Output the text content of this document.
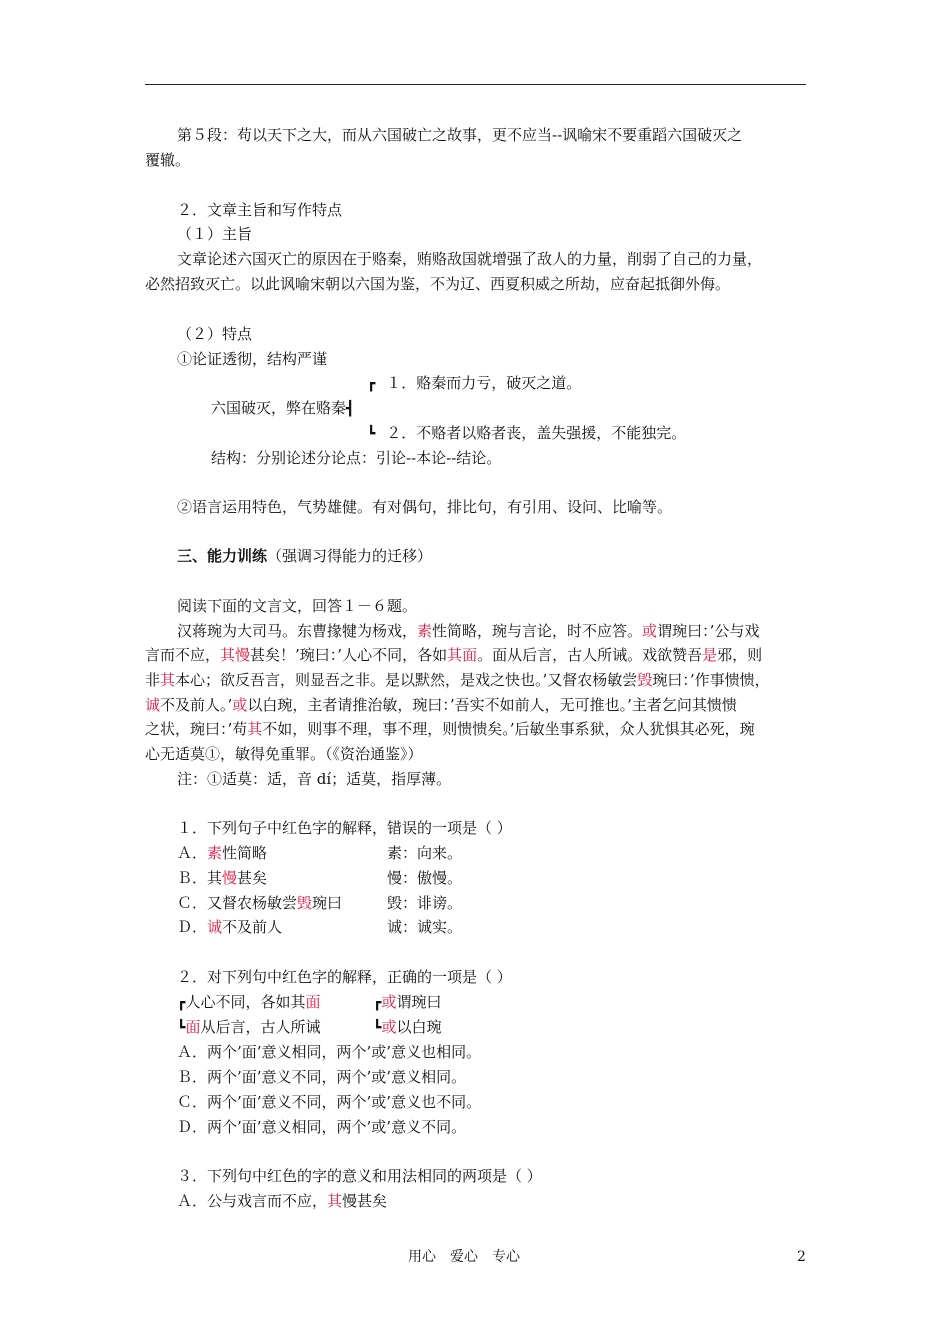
第５段：苟以天下之大，而从六国破亡之故事，更不应当--讽喻宋不要重蹈六国破灭之
覆辙。
２．文章主旨和写作特点
（１）主旨
文章论述六国灭亡的原因在于赂秦，贿赂敌国就增强了敌人的力量，削弱了自己的力量，
必然招致灭亡。以此讽喻宋朝以六国为鉴，不为辽、西夏积威之所劫，应奋起抵御外侮。
（２）特点
①论证透彻，结构严谨
┏ １．赂秦而力亏，破灭之道。
六国破灭，弊在赂秦┫
┗ ２．不赂者以赂者丧，盖失强援，不能独完。
结构：分别论述分论点：引论--本论--结论。
②语言运用特色，气势雄健。有对偶句，排比句，有引用、设问、比喻等。
三、能力训练（强调习得能力的迁移）
阅读下面的文言文，回答１－６题。
汉蒋琬为大司马。东曹掾犍为杨戏，素性简略，琬与言论，时不应答。或谓琬曰：’公与戏
言而不应，其慢甚矣！’琬曰：’人心不同，各如其面。面从后言，古人所诫。戏欲赞吾是邪，则
非其本心；欲反吾言，则显吾之非。是以默然，是戏之快也。’又督农杨敏尝毁琬曰：’作事愦愦，
诚不及前人。’或以白琬，主者请推治敏，琬曰：’吾实不如前人，无可推也。’主者乞问其愦愦
之状，琬曰：’苟其不如，则事不理，事不理，则愦愦矣。’后敏坐事系狱，众人犹惧其必死，琬
心无适莫①，敏得免重罪。（《资治通鉴》）
注：①适莫：适，音 dí；适莫，指厚薄。
１．下列句子中红色字的解释，错误的一项是（ ）
Ａ．素性简略	素：向来。
Ｂ．其慢甚矣	慢：傲慢。
Ｃ．又督农杨敏尝毁琬曰	毁：诽谤。
Ｄ．诚不及前人	诚：诚实。
２．对下列句中红色字的解释，正确的一项是（ ）
┏人心不同，各如其面	┏或谓琬曰
┗面从后言，古人所诫	┗或以白琬
Ａ．两个’面’意义相同，两个’或’意义也相同。
Ｂ．两个’面’意义不同，两个’或’意义相同。
Ｃ．两个’面’意义不同，两个’或’意义也不同。
Ｄ．两个’面’意义相同，两个’或’意义不同。
３．下列句中红色的字的意义和用法相同的两项是（ ）
Ａ．公与戏言而不应，其慢甚矣
用心　爱心　专心	2
